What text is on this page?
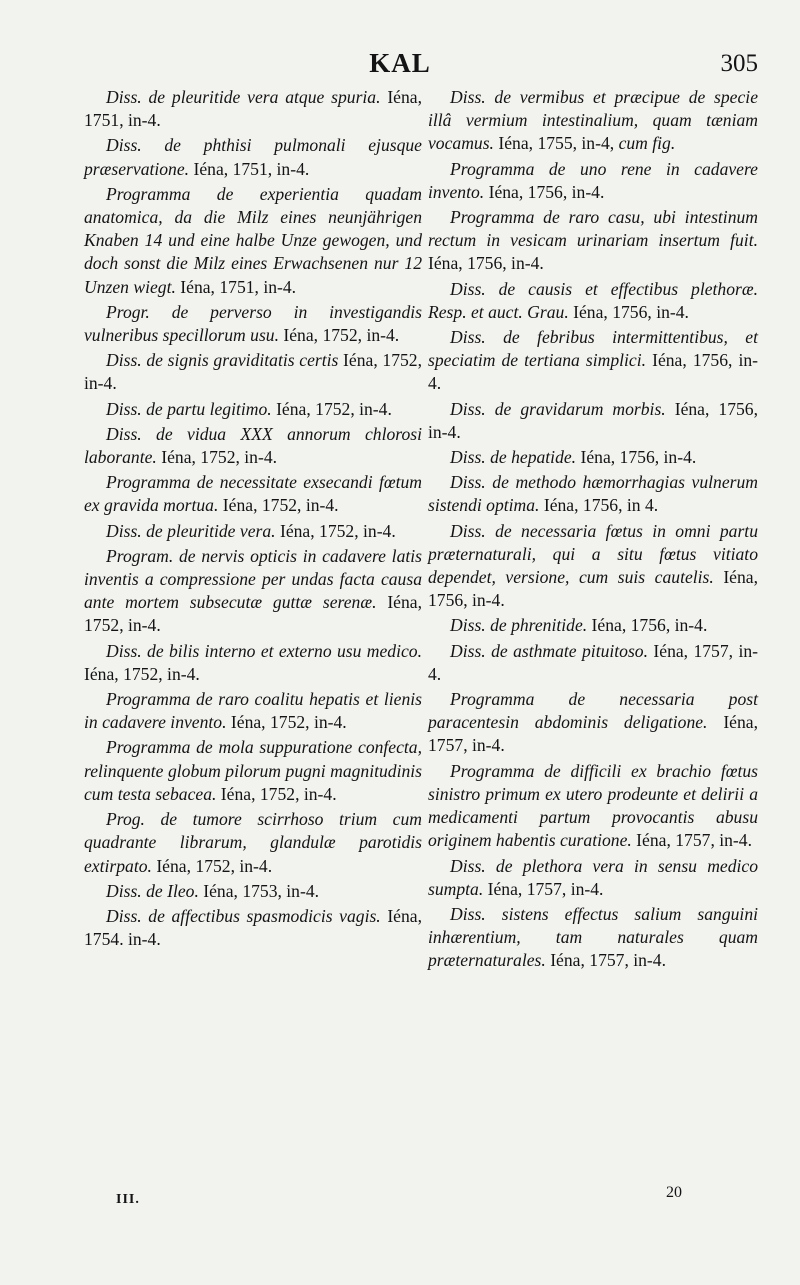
KAL	305

Diss. de pleuritide vera atque spuria. Iéna, 1751, in-4.

Diss. de phthisi pulmonali ejusque præservatione. Iéna, 1751, in-4.

Programma de experientia quadam anatomica, da die Milz eines neunjährigen Knaben 14 und eine halbe Unze gewogen, und doch sonst die Milz eines Erwachsenen nur 12 Unzen wiegt. Iéna, 1751, in-4.

Progr. de perverso in investigandis vulneribus specillorum usu. Iéna, 1752, in-4.

Diss. de signis graviditatis certis Iéna, 1752, in-4.

Diss. de partu legitimo. Iéna, 1752, in-4.

Diss. de vidua XXX annorum chlorosi laborante. Iéna, 1752, in-4.

Programma de necessitate exsecandi fœtum ex gravida mortua. Iéna, 1752, in-4.

Diss. de pleuritide vera. Iéna, 1752, in-4.

Program. de nervis opticis in cadavere latis inventis a compressione per undas facta causa ante mortem subsecutæ guttæ serenæ. Iéna, 1752, in-4.

Diss. de bilis interno et externo usu medico. Iéna, 1752, in-4.

Programma de raro coalitu hepatis et lienis in cadavere invento. Iéna, 1752, in-4.

Programma de mola suppuratione confecta, relinquente globum pilorum pugni magnitudinis cum testa sebacea. Iéna, 1752, in-4.

Prog. de tumore scirrhoso trium cum quadrante librarum, glandulæ parotidis extirpato. Iéna, 1752, in-4.

Diss. de Ileo. Iéna, 1753, in-4.

Diss. de affectibus spasmodicis vagis. Iéna, 1754. in-4.

Diss. de vermibus et præcipue de specie illâ vermium intestinalium, quam tæniam vocamus. Iéna, 1755, in-4, cum fig.

Programma de uno rene in cadavere invento. Iéna, 1756, in-4.

Programma de raro casu, ubi intestinum rectum in vesicam urinariam insertum fuit. Iéna, 1756, in-4.

Diss. de causis et effectibus plethoræ. Resp. et auct. Grau. Iéna, 1756, in-4.

Diss. de febribus intermittentibus, et speciatim de tertiana simplici. Iéna, 1756, in-4.

Diss. de gravidarum morbis. Iéna, 1756, in-4.

Diss. de hepatide. Iéna, 1756, in-4.

Diss. de methodo hæmorrhagias vulnerum sistendi optima. Iéna, 1756, in 4.

Diss. de necessaria fœtus in omni partu præternaturali, qui a situ fœtus vitiato dependet, versione, cum suis cautelis. Iéna, 1756, in-4.

Diss. de phrenitide. Iéna, 1756, in-4.

Diss. de asthmate pituitoso. Iéna, 1757, in-4.

Programma de necessaria post paracentesin abdominis deligatione. Iéna, 1757, in-4.

Programma de difficili ex brachio fœtus sinistro primum ex utero prodeunte et delirii a medicamenti partum provocantis abusu originem habentis curatione. Iéna, 1757, in-4.

Diss. de plethora vera in sensu medico sumpta. Iéna, 1757, in-4.

Diss. sistens effectus salium sanguini inhærentium, tam naturales quam præternaturales. Iéna, 1757, in-4.

III.	20
